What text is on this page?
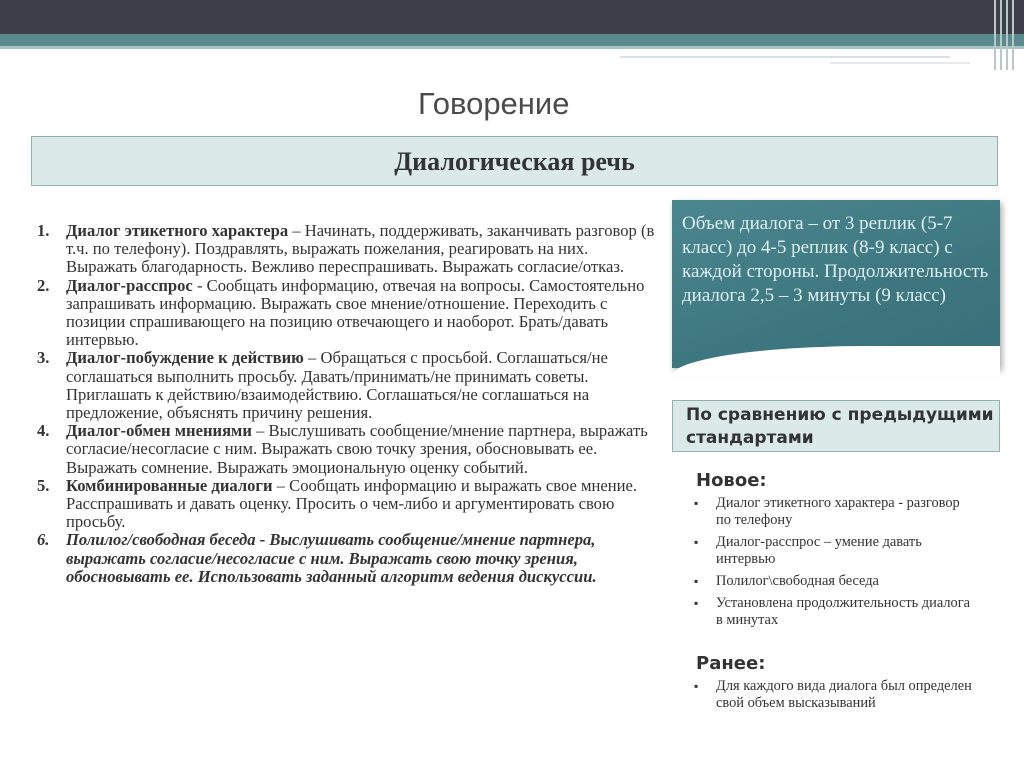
Говорение
Диалогическая речь
1. Диалог этикетного характера – Начинать, поддерживать, заканчивать разговор (в т.ч. по телефону). Поздравлять, выражать пожелания, реагировать на них. Выражать благодарность. Вежливо переспрашивать. Выражать согласие/отказ.
2. Диалог-расспрос - Сообщать информацию, отвечая на вопросы. Самостоятельно запрашивать информацию. Выражать свое мнение/отношение. Переходить с позиции спрашивающего на позицию отвечающего и наоборот. Брать/давать интервью.
3. Диалог-побуждение к действию – Обращаться с просьбой. Соглашаться/не соглашаться выполнить просьбу. Давать/принимать/не принимать советы. Приглашать к действию/взаимодействию. Соглашаться/не соглашаться на предложение, объяснять причину решения.
4. Диалог-обмен мнениями – Выслушивать сообщение/мнение партнера, выражать согласие/несогласие с ним. Выражать свою точку зрения, обосновывать ее. Выражать сомнение. Выражать эмоциональную оценку событий.
5. Комбинированные диалоги – Сообщать информацию и выражать свое мнение. Расспрашивать и давать оценку. Просить о чем-либо и аргументировать свою просьбу.
6. Полилог/свободная беседа - Выслушивать сообщение/мнение партнера, выражать согласие/несогласие с ним. Выражать свою точку зрения, обосновывать ее. Использовать заданный алгоритм ведения дискуссии.
Объем диалога – от 3 реплик (5-7 класс) до 4-5 реплик (8-9 класс) с каждой стороны. Продолжительность диалога 2,5 – 3 минуты (9 класс)
По сравнению с предыдущими стандартами
Новое:
▪ Диалог этикетного характера - разговор по телефону
▪ Диалог-расспрос – умение давать интервью
▪ Полилог\свободная беседа
▪ Установлена продолжительность диалога в минутах
Ранее:
▪ Для каждого вида диалога был определен свой объем высказываний
